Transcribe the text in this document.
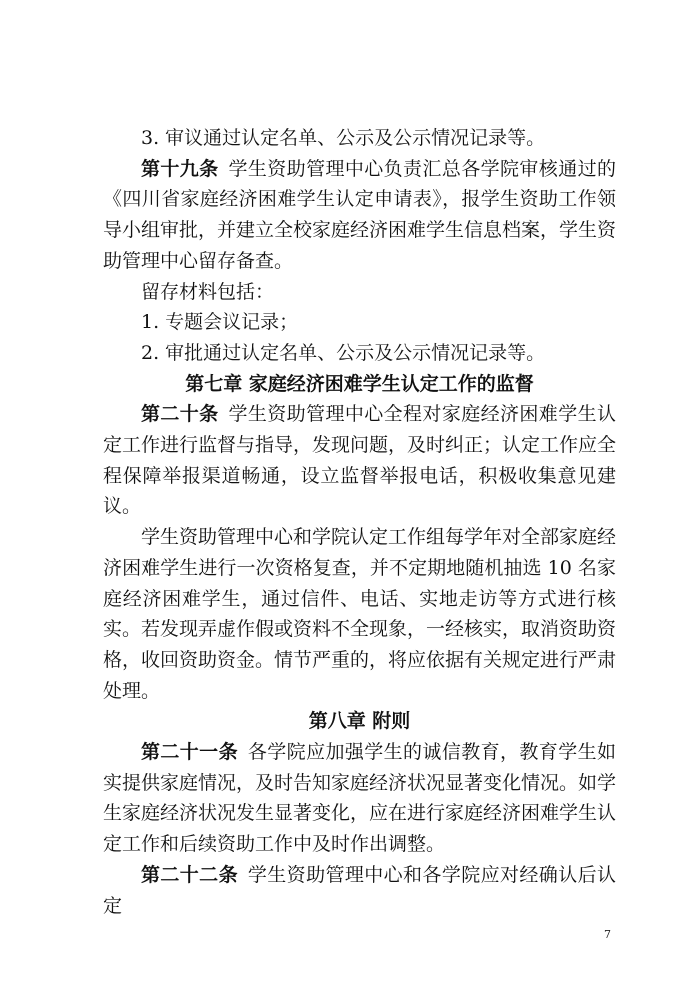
3. 审议通过认定名单、公示及公示情况记录等。

第十九条  学生资助管理中心负责汇总各学院审核通过的《四川省家庭经济困难学生认定申请表》，报学生资助工作领导小组审批，并建立全校家庭经济困难学生信息档案，学生资助管理中心留存备查。

留存材料包括：

1. 专题会议记录；

2. 审批通过认定名单、公示及公示情况记录等。

第七章 家庭经济困难学生认定工作的监督

第二十条  学生资助管理中心全程对家庭经济困难学生认定工作进行监督与指导，发现问题，及时纠正；认定工作应全程保障举报渠道畅通，设立监督举报电话，积极收集意见建议。

学生资助管理中心和学院认定工作组每学年对全部家庭经济困难学生进行一次资格复查，并不定期地随机抽选 10 名家庭经济困难学生，通过信件、电话、实地走访等方式进行核实。若发现弄虚作假或资料不全现象，一经核实，取消资助资格，收回资助资金。情节严重的，将应依据有关规定进行严肃处理。

第八章 附则

第二十一条  各学院应加强学生的诚信教育，教育学生如实提供家庭情况，及时告知家庭经济状况显著变化情况。如学生家庭经济状况发生显著变化，应在进行家庭经济困难学生认定工作和后续资助工作中及时作出调整。

第二十二条  学生资助管理中心和各学院应对经确认后认定

7
